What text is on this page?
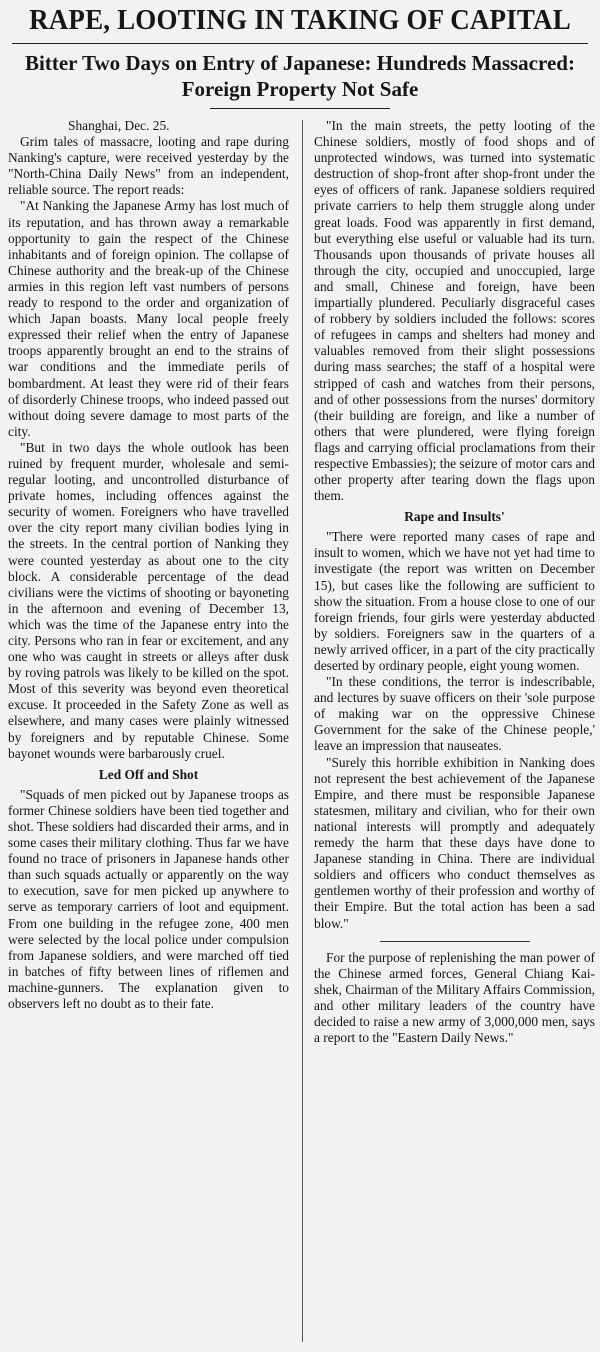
RAPE, LOOTING IN TAKING OF CAPITAL
Bitter Two Days on Entry of Japanese: Hundreds Massacred: Foreign Property Not Safe

Shanghai, Dec. 25.

Grim tales of massacre, looting and rape during Nanking's capture, were received yesterday by the "North-China Daily News" from an independent, reliable source. The report reads:

"At Nanking the Japanese Army has lost much of its reputation, and has thrown away a remarkable opportunity to gain the respect of the Chinese inhabitants and of foreign opinion. The collapse of Chinese authority and the break-up of the Chinese armies in this region left vast numbers of persons ready to respond to the order and organization of which Japan boasts. Many local people freely expressed their relief when the entry of Japanese troops apparently brought an end to the strains of war conditions and the immediate perils of bombardment. At least they were rid of their fears of disorderly Chinese troops, who indeed passed out without doing severe damage to most parts of the city.

"But in two days the whole outlook has been ruined by frequent murder, wholesale and semi-regular looting, and uncontrolled disturbance of private homes, including offences against the security of women. Foreigners who have travelled over the city report many civilian bodies lying in the streets. In the central portion of Nanking they were counted yesterday as about one to the city block. A considerable percentage of the dead civilians were the victims of shooting or bayoneting in the afternoon and evening of December 13, which was the time of the Japanese entry into the city. Persons who ran in fear or excitement, and any one who was caught in streets or alleys after dusk by roving patrols was likely to be killed on the spot. Most of this severity was beyond even theoretical excuse. It proceeded in the Safety Zone as well as elsewhere, and many cases were plainly witnessed by foreigners and by reputable Chinese. Some bayonet wounds were barbarously cruel.

Led Off and Shot

"Squads of men picked out by Japanese troops as former Chinese soldiers have been tied together and shot. These soldiers had discarded their arms, and in some cases their military clothing. Thus far we have found no trace of prisoners in Japanese hands other than such squads actually or apparently on the way to execution, save for men picked up anywhere to serve as temporary carriers of loot and equipment. From one building in the refugee zone, 400 men were selected by the local police under compulsion from Japanese soldiers, and were marched off tied in batches of fifty between lines of riflemen and machine-gunners. The explanation given to observers left no doubt as to their fate.

"In the main streets, the petty looting of the Chinese soldiers, mostly of food shops and of unprotected windows, was turned into systematic destruction of shop-front after shop-front under the eyes of officers of rank. Japanese soldiers required private carriers to help them struggle along under great loads. Food was apparently in first demand, but everything else useful or valuable had its turn. Thousands upon thousands of private houses all through the city, occupied and unoccupied, large and small, Chinese and foreign, have been impartially plundered. Peculiarly disgraceful cases of robbery by soldiers included the follows: scores of refugees in camps and shelters had money and valuables removed from their slight possessions during mass searches; the staff of a hospital were stripped of cash and watches from their persons, and of other possessions from the nurses' dormitory (their building are foreign, and like a number of others that were plundered, were flying foreign flags and carrying official proclamations from their respective Embassies); the seizure of motor cars and other property after tearing down the flags upon them.

Rape and Insults'

"There were reported many cases of rape and insult to women, which we have not yet had time to investigate (the report was written on December 15), but cases like the following are sufficient to show the situation. From a house close to one of our foreign friends, four girls were yesterday abducted by soldiers. Foreigners saw in the quarters of a newly arrived officer, in a part of the city practically deserted by ordinary people, eight young women.

"In these conditions, the terror is indescribable, and lectures by suave officers on their 'sole purpose of making war on the oppressive Chinese Government for the sake of the Chinese people,' leave an impression that nauseates.

"Surely this horrible exhibition in Nanking does not represent the best achievement of the Japanese Empire, and there must be responsible Japanese statesmen, military and civilian, who for their own national interests will promptly and adequately remedy the harm that these days have done to Japanese standing in China. There are individual soldiers and officers who conduct themselves as gentlemen worthy of their profession and worthy of their Empire. But the total action has been a sad blow."

For the purpose of replenishing the man power of the Chinese armed forces, General Chiang Kai-shek, Chairman of the Military Affairs Commission, and other military leaders of the country have decided to raise a new army of 3,000,000 men, says a report to the "Eastern Daily News."
